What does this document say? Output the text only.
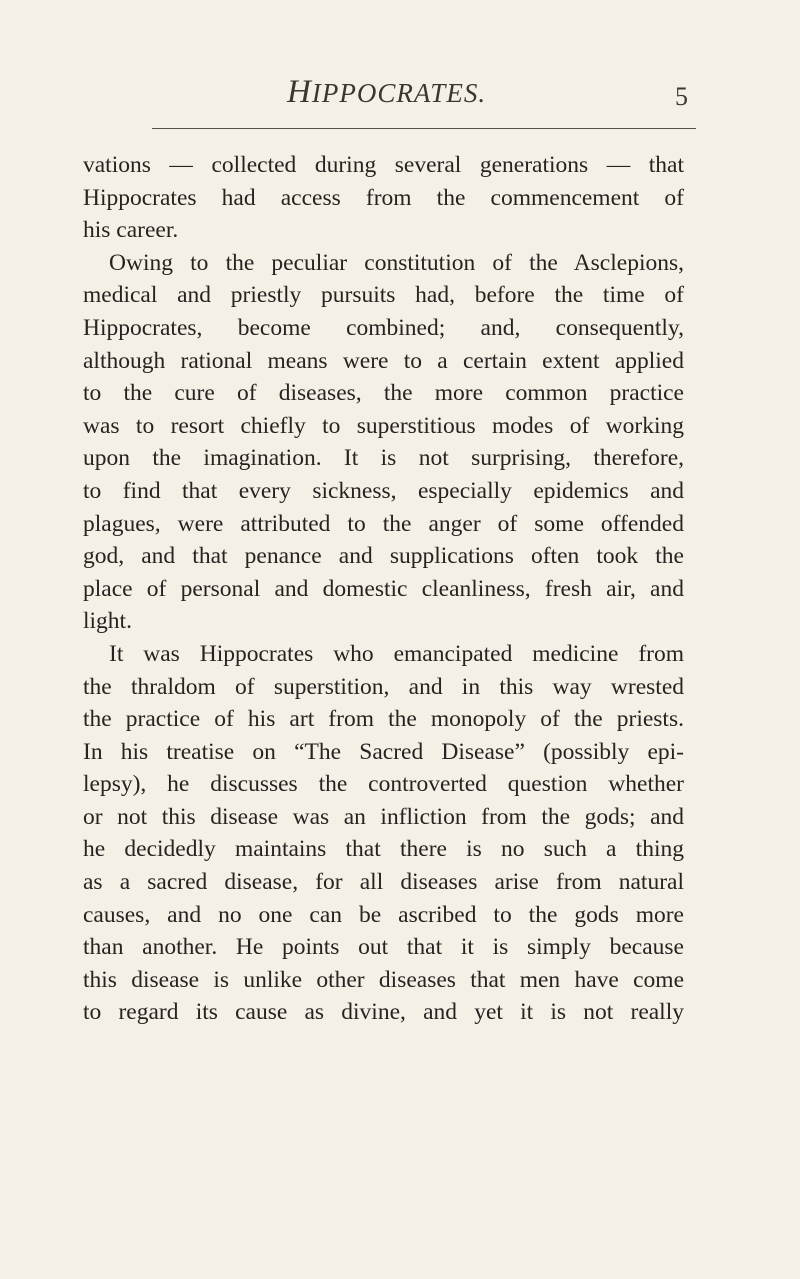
HIPPOCRATES.	5
vations — collected during several generations — that
Hippocrates had access from the commencement of
his career.
Owing to the peculiar constitution of the Asclepions,
medical and priestly pursuits had, before the time of
Hippocrates, become combined; and, consequently,
although rational means were to a certain extent applied
to the cure of diseases, the more common practice
was to resort chiefly to superstitious modes of working
upon the imagination. It is not surprising, therefore,
to find that every sickness, especially epidemics and
plagues, were attributed to the anger of some offended
god, and that penance and supplications often took the
place of personal and domestic cleanliness, fresh air, and
light.
It was Hippocrates who emancipated medicine from
the thraldom of superstition, and in this way wrested
the practice of his art from the monopoly of the priests.
In his treatise on “The Sacred Disease” (possibly epi-
lepsy), he discusses the controverted question whether
or not this disease was an infliction from the gods; and
he decidedly maintains that there is no such a thing
as a sacred disease, for all diseases arise from natural
causes, and no one can be ascribed to the gods more
than another. He points out that it is simply because
this disease is unlike other diseases that men have come
to regard its cause as divine, and yet it is not really
